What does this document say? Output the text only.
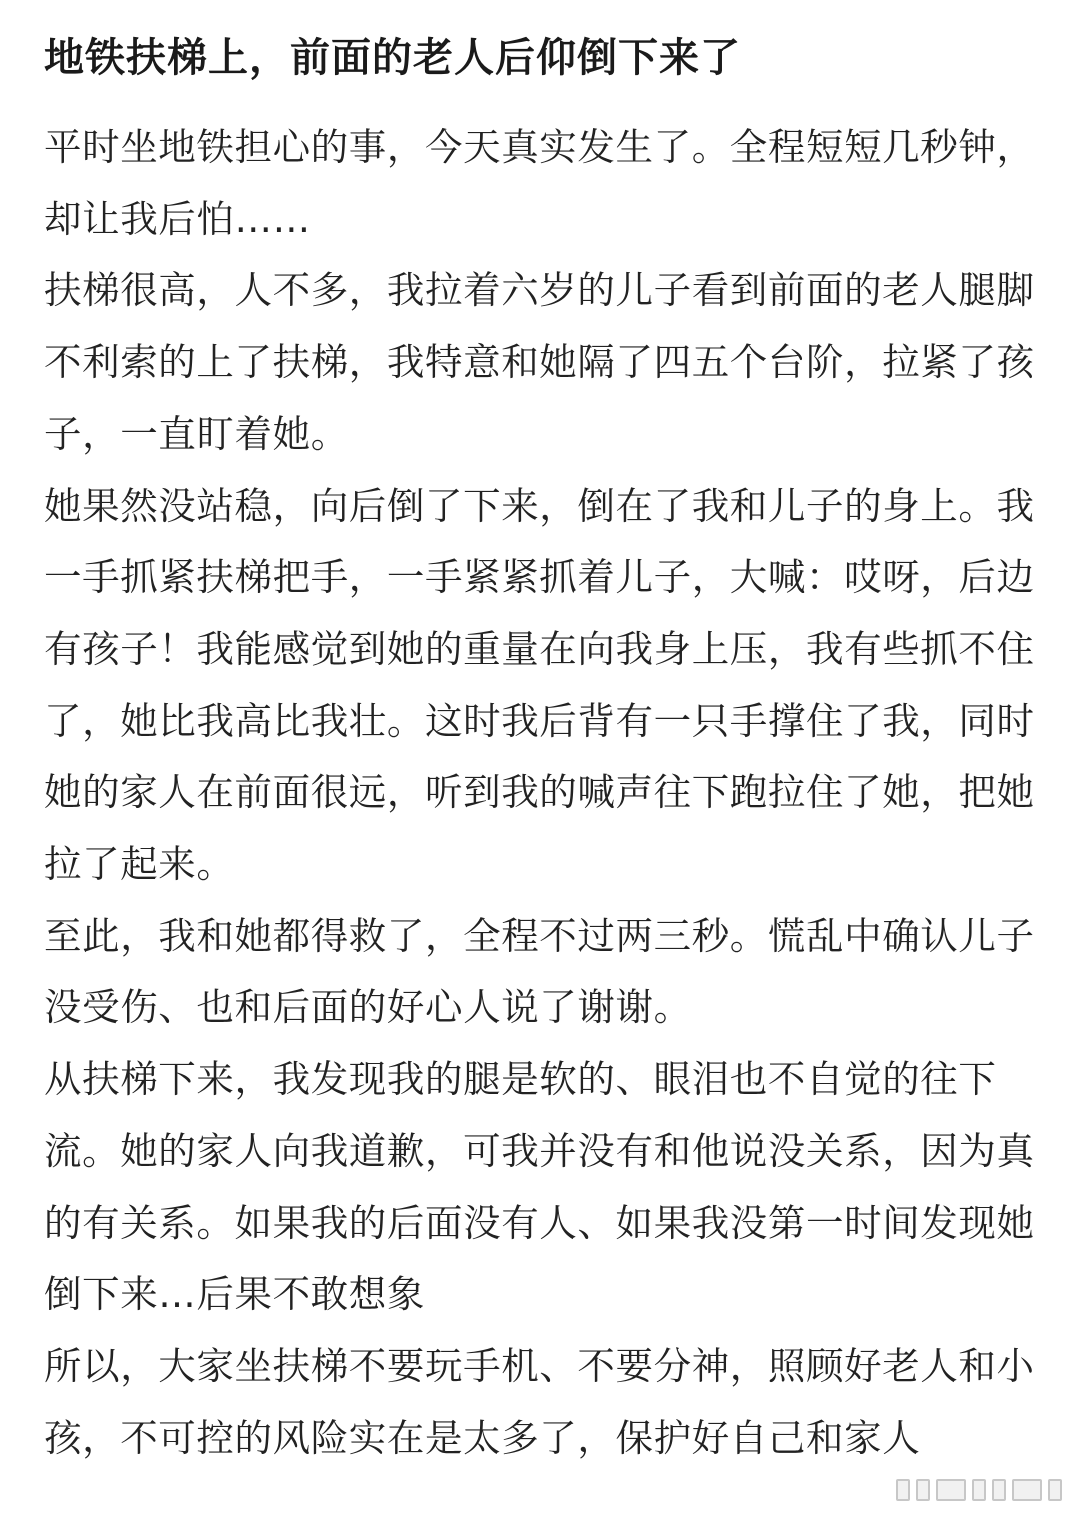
地铁扶梯上，前面的老人后仰倒下来了

平时坐地铁担心的事，今天真实发生了。全程短短几秒钟，却让我后怕……

扶梯很高，人不多，我拉着六岁的儿子看到前面的老人腿脚不利索的上了扶梯，我特意和她隔了四五个台阶，拉紧了孩子，一直盯着她。

她果然没站稳，向后倒了下来，倒在了我和儿子的身上。我一手抓紧扶梯把手，一手紧紧抓着儿子，大喊：哎呀，后边有孩子！我能感觉到她的重量在向我身上压，我有些抓不住了，她比我高比我壮。这时我后背有一只手撑住了我，同时她的家人在前面很远，听到我的喊声往下跑拉住了她，把她拉了起来。

至此，我和她都得救了，全程不过两三秒。慌乱中确认儿子没受伤、也和后面的好心人说了谢谢。

从扶梯下来，我发现我的腿是软的、眼泪也不自觉的往下流。她的家人向我道歉，可我并没有和他说没关系，因为真的有关系。如果我的后面没有人、如果我没第一时间发现她倒下来…后果不敢想象

所以，大家坐扶梯不要玩手机、不要分神，照顾好老人和小孩，不可控的风险实在是太多了，保护好自己和家人
